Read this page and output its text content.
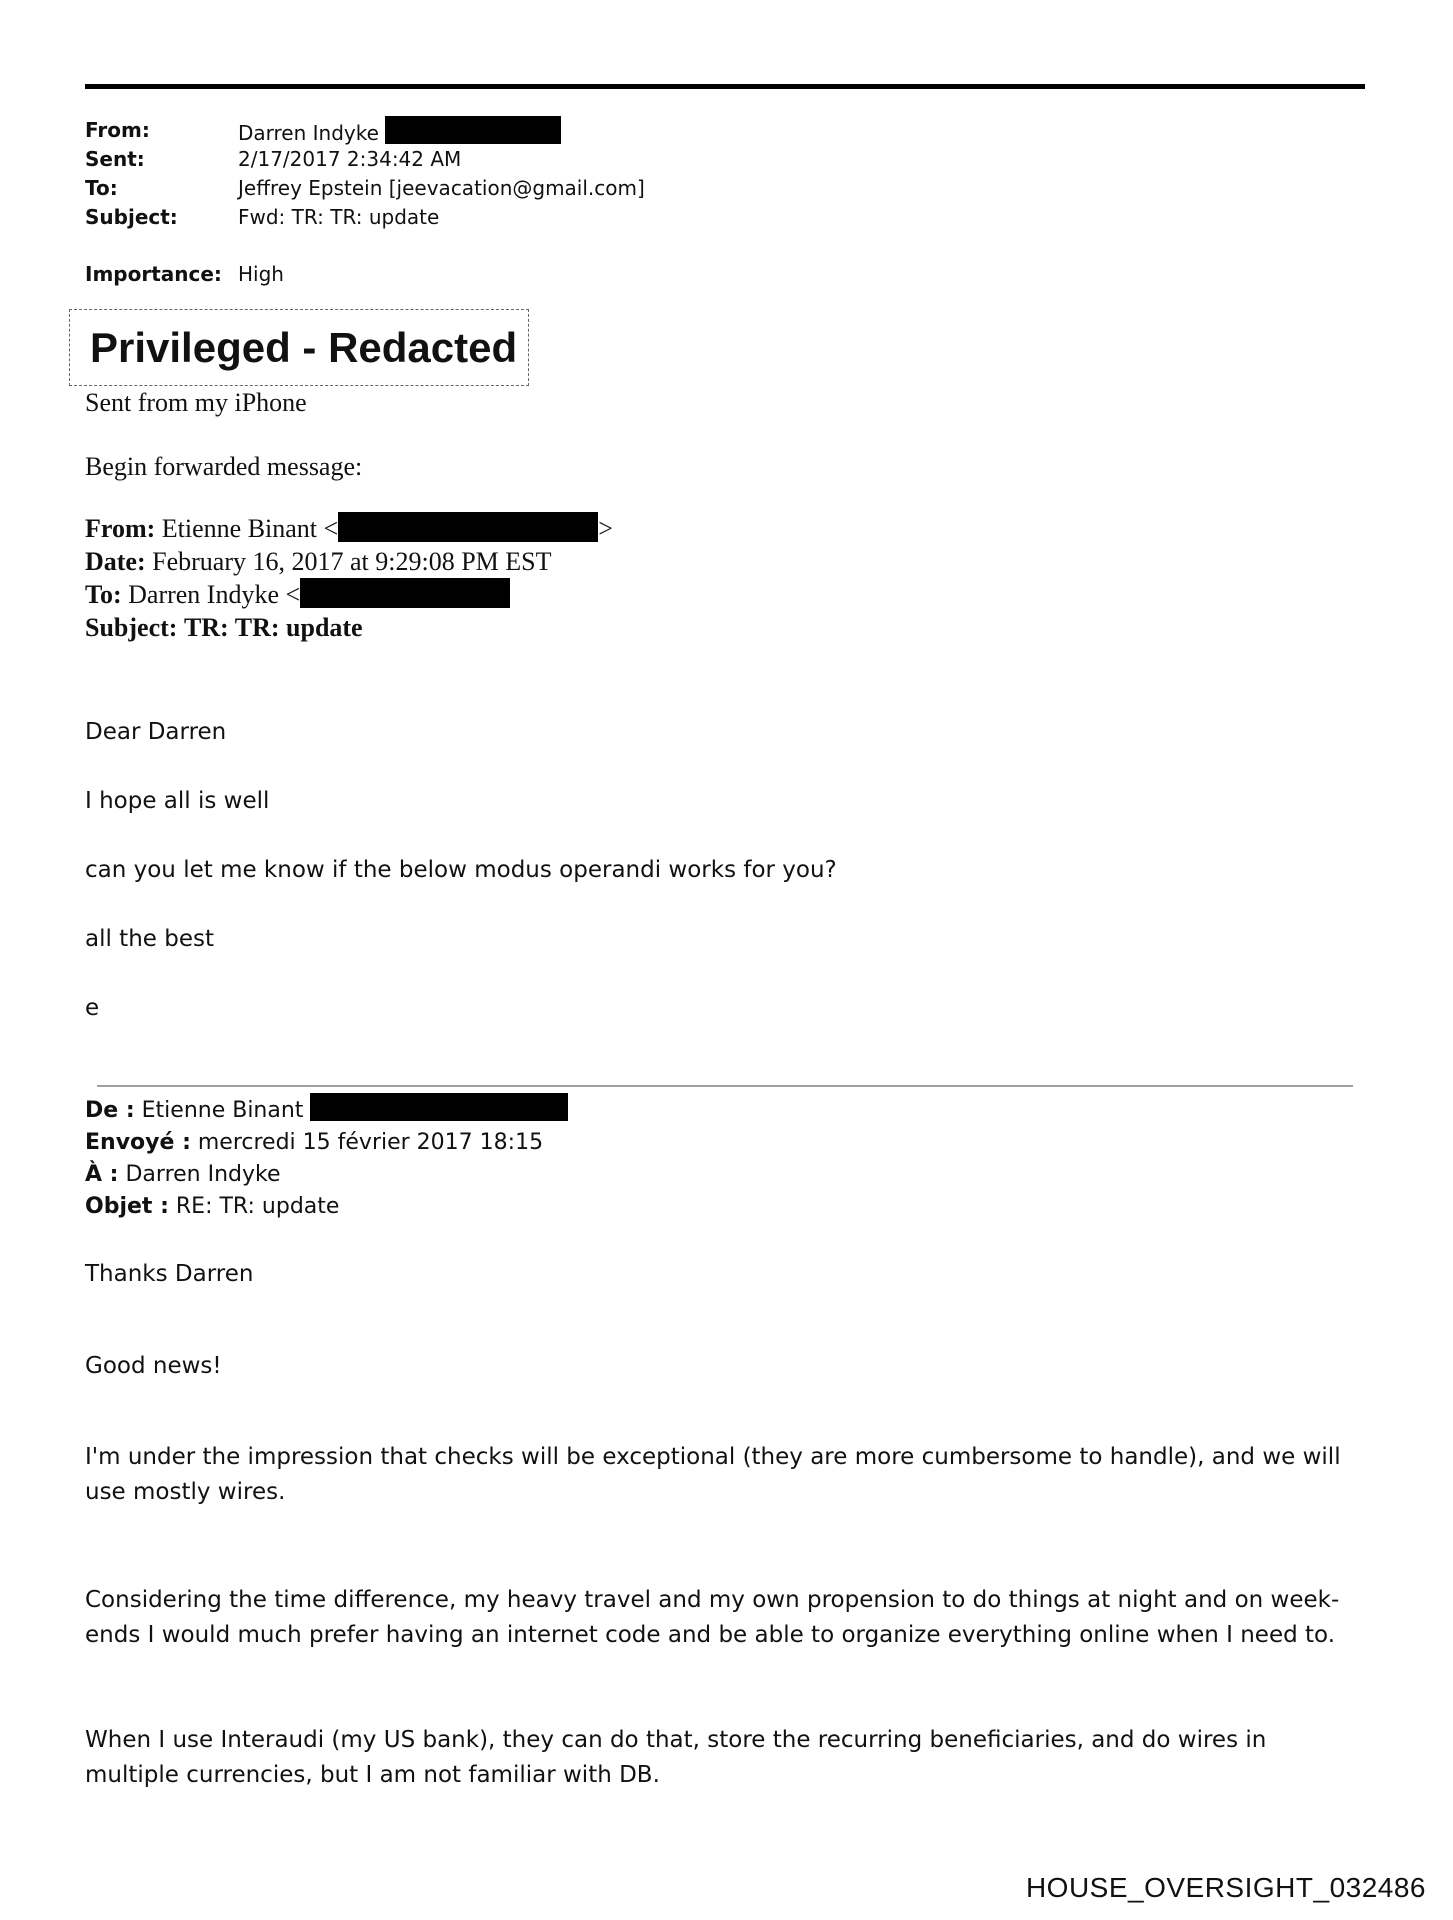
From:	Darren Indyke
Sent:	2/17/2017 2:34:42 AM
To:	Jeffrey Epstein [jeevacation@gmail.com]
Subject:	Fwd: TR: TR: update
Importance: High
Privileged - Redacted
Sent from my iPhone
Begin forwarded message:
From: Etienne Binant <	>
Date: February 16, 2017 at 9:29:08 PM EST
To: Darren Indyke <
Subject: TR: TR: update
Dear Darren
I hope all is well
can you let me know if the below modus operandi works for you?
all the best
e
De : Etienne Binant
Envoyé : mercredi 15 février 2017 18:15
À : Darren Indyke
Objet : RE: TR: update
Thanks Darren
Good news!
I'm under the impression that checks will be exceptional (they are more cumbersome to handle), and we will
use mostly wires.
Considering the time difference, my heavy travel and my own propension to do things at night and on week-
ends I would much prefer having an internet code and be able to organize everything online when I need to.
When I use Interaudi (my US bank), they can do that, store the recurring beneficiaries, and do wires in
multiple currencies, but I am not familiar with DB.
HOUSE_OVERSIGHT_032486
